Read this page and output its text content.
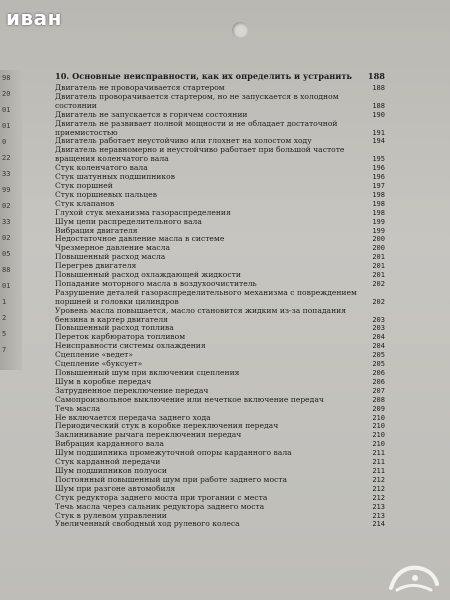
98
20
01
01
0
22
33
99
02
33
02
05
88
01
1
2
5
7
иван
10. Основные неисправности, как их определить и устранить	188
Двигатель не проворачивается стартером	188
Двигатель проворачивается стартером, но не запускается в холодном состоянии	188
Двигатель не запускается в горячем состоянии	190
Двигатель не развивает полной мощности и не обладает достаточной приемистостью	191
Двигатель работает неустойчиво или глохнет на холостом ходу	194
Двигатель неравномерно и неустойчиво работает при большой частоте вращения коленчатого вала	195
Стук коленчатого вала	196
Стук шатунных подшипников	196
Стук поршней	197
Стук поршневых пальцев	198
Стук клапанов	198
Глухой стук механизма газораспределения	198
Шум цепи распределительного вала	199
Вибрация двигателя	199
Недостаточное давление масла в системе	200
Чрезмерное давление масла	200
Повышенный расход масла	201
Перегрев двигателя	201
Повышенный расход охлаждающей жидкости	201
Попадание моторного масла в воздухоочиститель	202
Разрушение деталей газораспределительного механизма с повреждением поршней и головки цилиндров	202
Уровень масла повышается, масло становится жидким из-за попадания бензина в картер двигателя	203
Повышенный расход топлива	203
Переток карбюратора топливом	204
Неисправности системы охлаждения	204
Сцепление «ведет»	205
Сцепление «буксует»	205
Повышенный шум при включении сцепления	206
Шум в коробке передач	206
Затрудненное переключение передач	207
Самопроизвольное выключение или нечеткое включение передач	208
Течь масла	209
Не включается передача заднего хода	210
Периодический стук в коробке переключения передач	210
Заклинивание рычага переключения передач	210
Вибрация карданного вала	210
Шум подшипника промежуточной опоры карданного вала	211
Стук карданной передачи	211
Шум подшипников полуоси	211
Постоянный повышенный шум при работе заднего моста	212
Шум при разгоне автомобиля	212
Стук редуктора заднего моста при трогании с места	212
Течь масла через сальник редуктора заднего моста	213
Стук в рулевом управлении	213
Увеличенный свободный ход рулевого колеса	214
